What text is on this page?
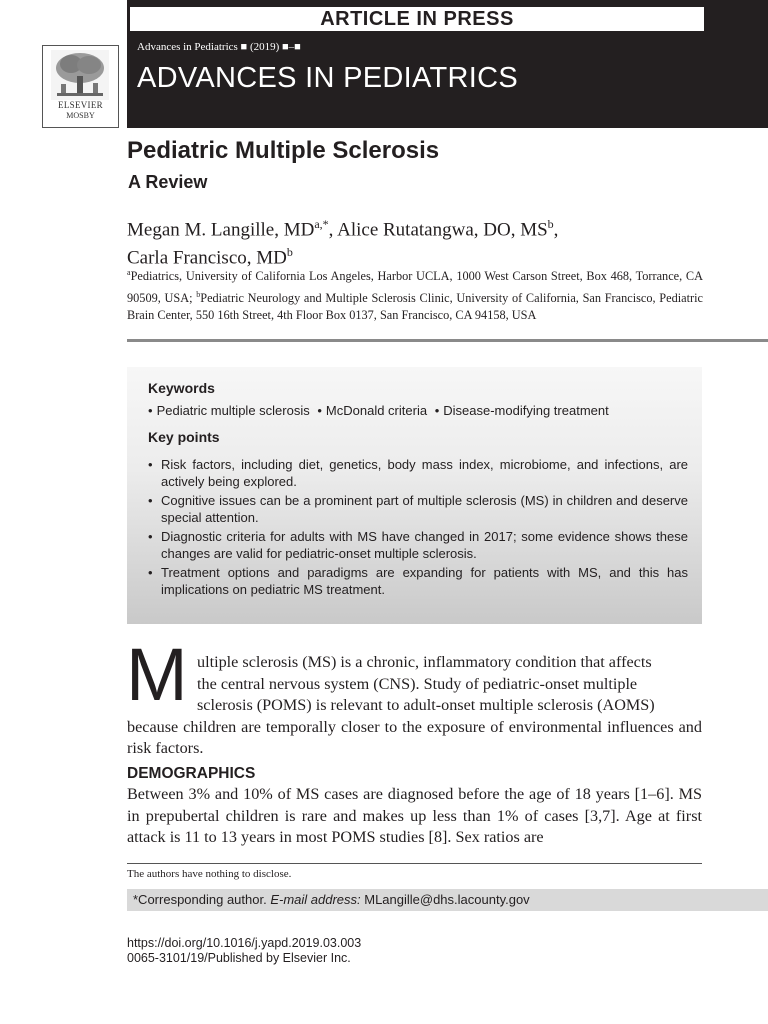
ARTICLE IN PRESS
Advances in Pediatrics ■ (2019) ■–■
ADVANCES IN PEDIATRICS
ELSEVIER
MOSBY
Pediatric Multiple Sclerosis
A Review
Megan M. Langille, $MD^{a,*}$, Alice Rutatangwa, DO, $MS^b$,
Carla Francisco, $MD^b$
$^a$Pediatrics, University of California Los Angeles, Harbor UCLA, 1000 West Carson Street, Box 468, Torrance, CA 90509, USA; $^b$Pediatric Neurology and Multiple Sclerosis Clinic, University of California, San Francisco, Pediatric Brain Center, 550 16th Street, 4th Floor Box 0137, San Francisco, CA 94158, USA
Keywords
• Pediatric multiple sclerosis • McDonald criteria • Disease-modifying treatment
Key points
• Risk factors, including diet, genetics, body mass index, microbiome, and infections, are actively being explored.
• Cognitive issues can be a prominent part of multiple sclerosis (MS) in children and deserve special attention.
• Diagnostic criteria for adults with MS have changed in 2017; some evidence shows these changes are valid for pediatric-onset multiple sclerosis.
• Treatment options and paradigms are expanding for patients with MS, and this has implications on pediatric MS treatment.
M ultiple sclerosis (MS) is a chronic, inflammatory condition that affects
the central nervous system (CNS). Study of pediatric-onset multiple
sclerosis (POMS) is relevant to adult-onset multiple sclerosis (AOMS)
because children are temporally closer to the exposure of environmental influences and risk factors.
DEMOGRAPHICS
Between 3% and 10% of MS cases are diagnosed before the age of 18 years [1–6]. MS in prepubertal children is rare and makes up less than 1% of cases [3,7]. Age at first attack is 11 to 13 years in most POMS studies [8]. Sex ratios are
The authors have nothing to disclose.
*Corresponding author. E-mail address: MLangille@dhs.lacounty.gov
https://doi.org/10.1016/j.yapd.2019.03.003
0065-3101/19/Published by Elsevier Inc.
